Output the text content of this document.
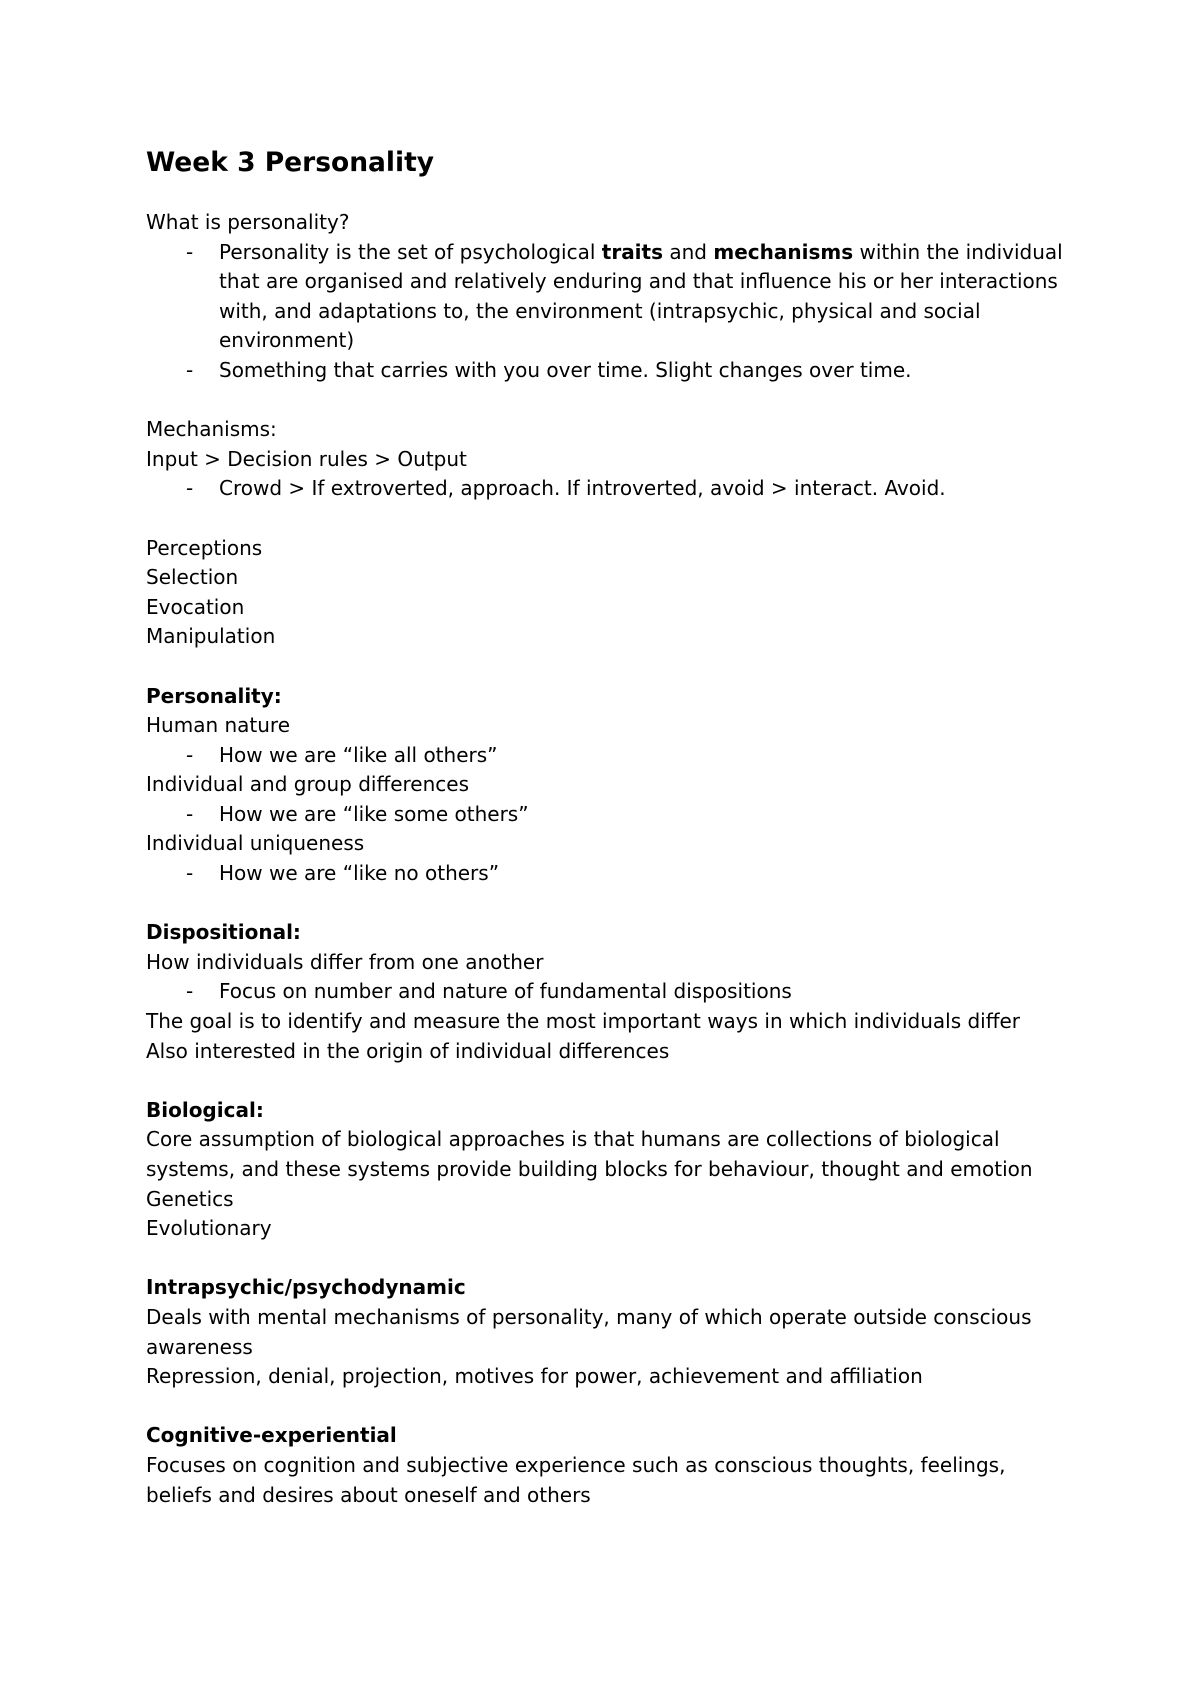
Week 3 Personality

What is personality?

- Personality is the set of psychological traits and mechanisms within the individual that are organised and relatively enduring and that influence his or her interactions with, and adaptations to, the environment (intrapsychic, physical and social environment)

- Something that carries with you over time. Slight changes over time.

Mechanisms:

Input > Decision rules > Output

- Crowd > If extroverted, approach. If introverted, avoid > interact. Avoid.

Perceptions

Selection

Evocation

Manipulation

Personality:

Human nature

- How we are “like all others”

Individual and group differences

- How we are “like some others”

Individual uniqueness

- How we are “like no others”

Dispositional:

How individuals differ from one another

- Focus on number and nature of fundamental dispositions

The goal is to identify and measure the most important ways in which individuals differ

Also interested in the origin of individual differences

Biological:

Core assumption of biological approaches is that humans are collections of biological systems, and these systems provide building blocks for behaviour, thought and emotion

Genetics

Evolutionary

Intrapsychic/psychodynamic

Deals with mental mechanisms of personality, many of which operate outside conscious awareness

Repression, denial, projection, motives for power, achievement and affiliation

Cognitive-experiential

Focuses on cognition and subjective experience such as conscious thoughts, feelings, beliefs and desires about oneself and others
